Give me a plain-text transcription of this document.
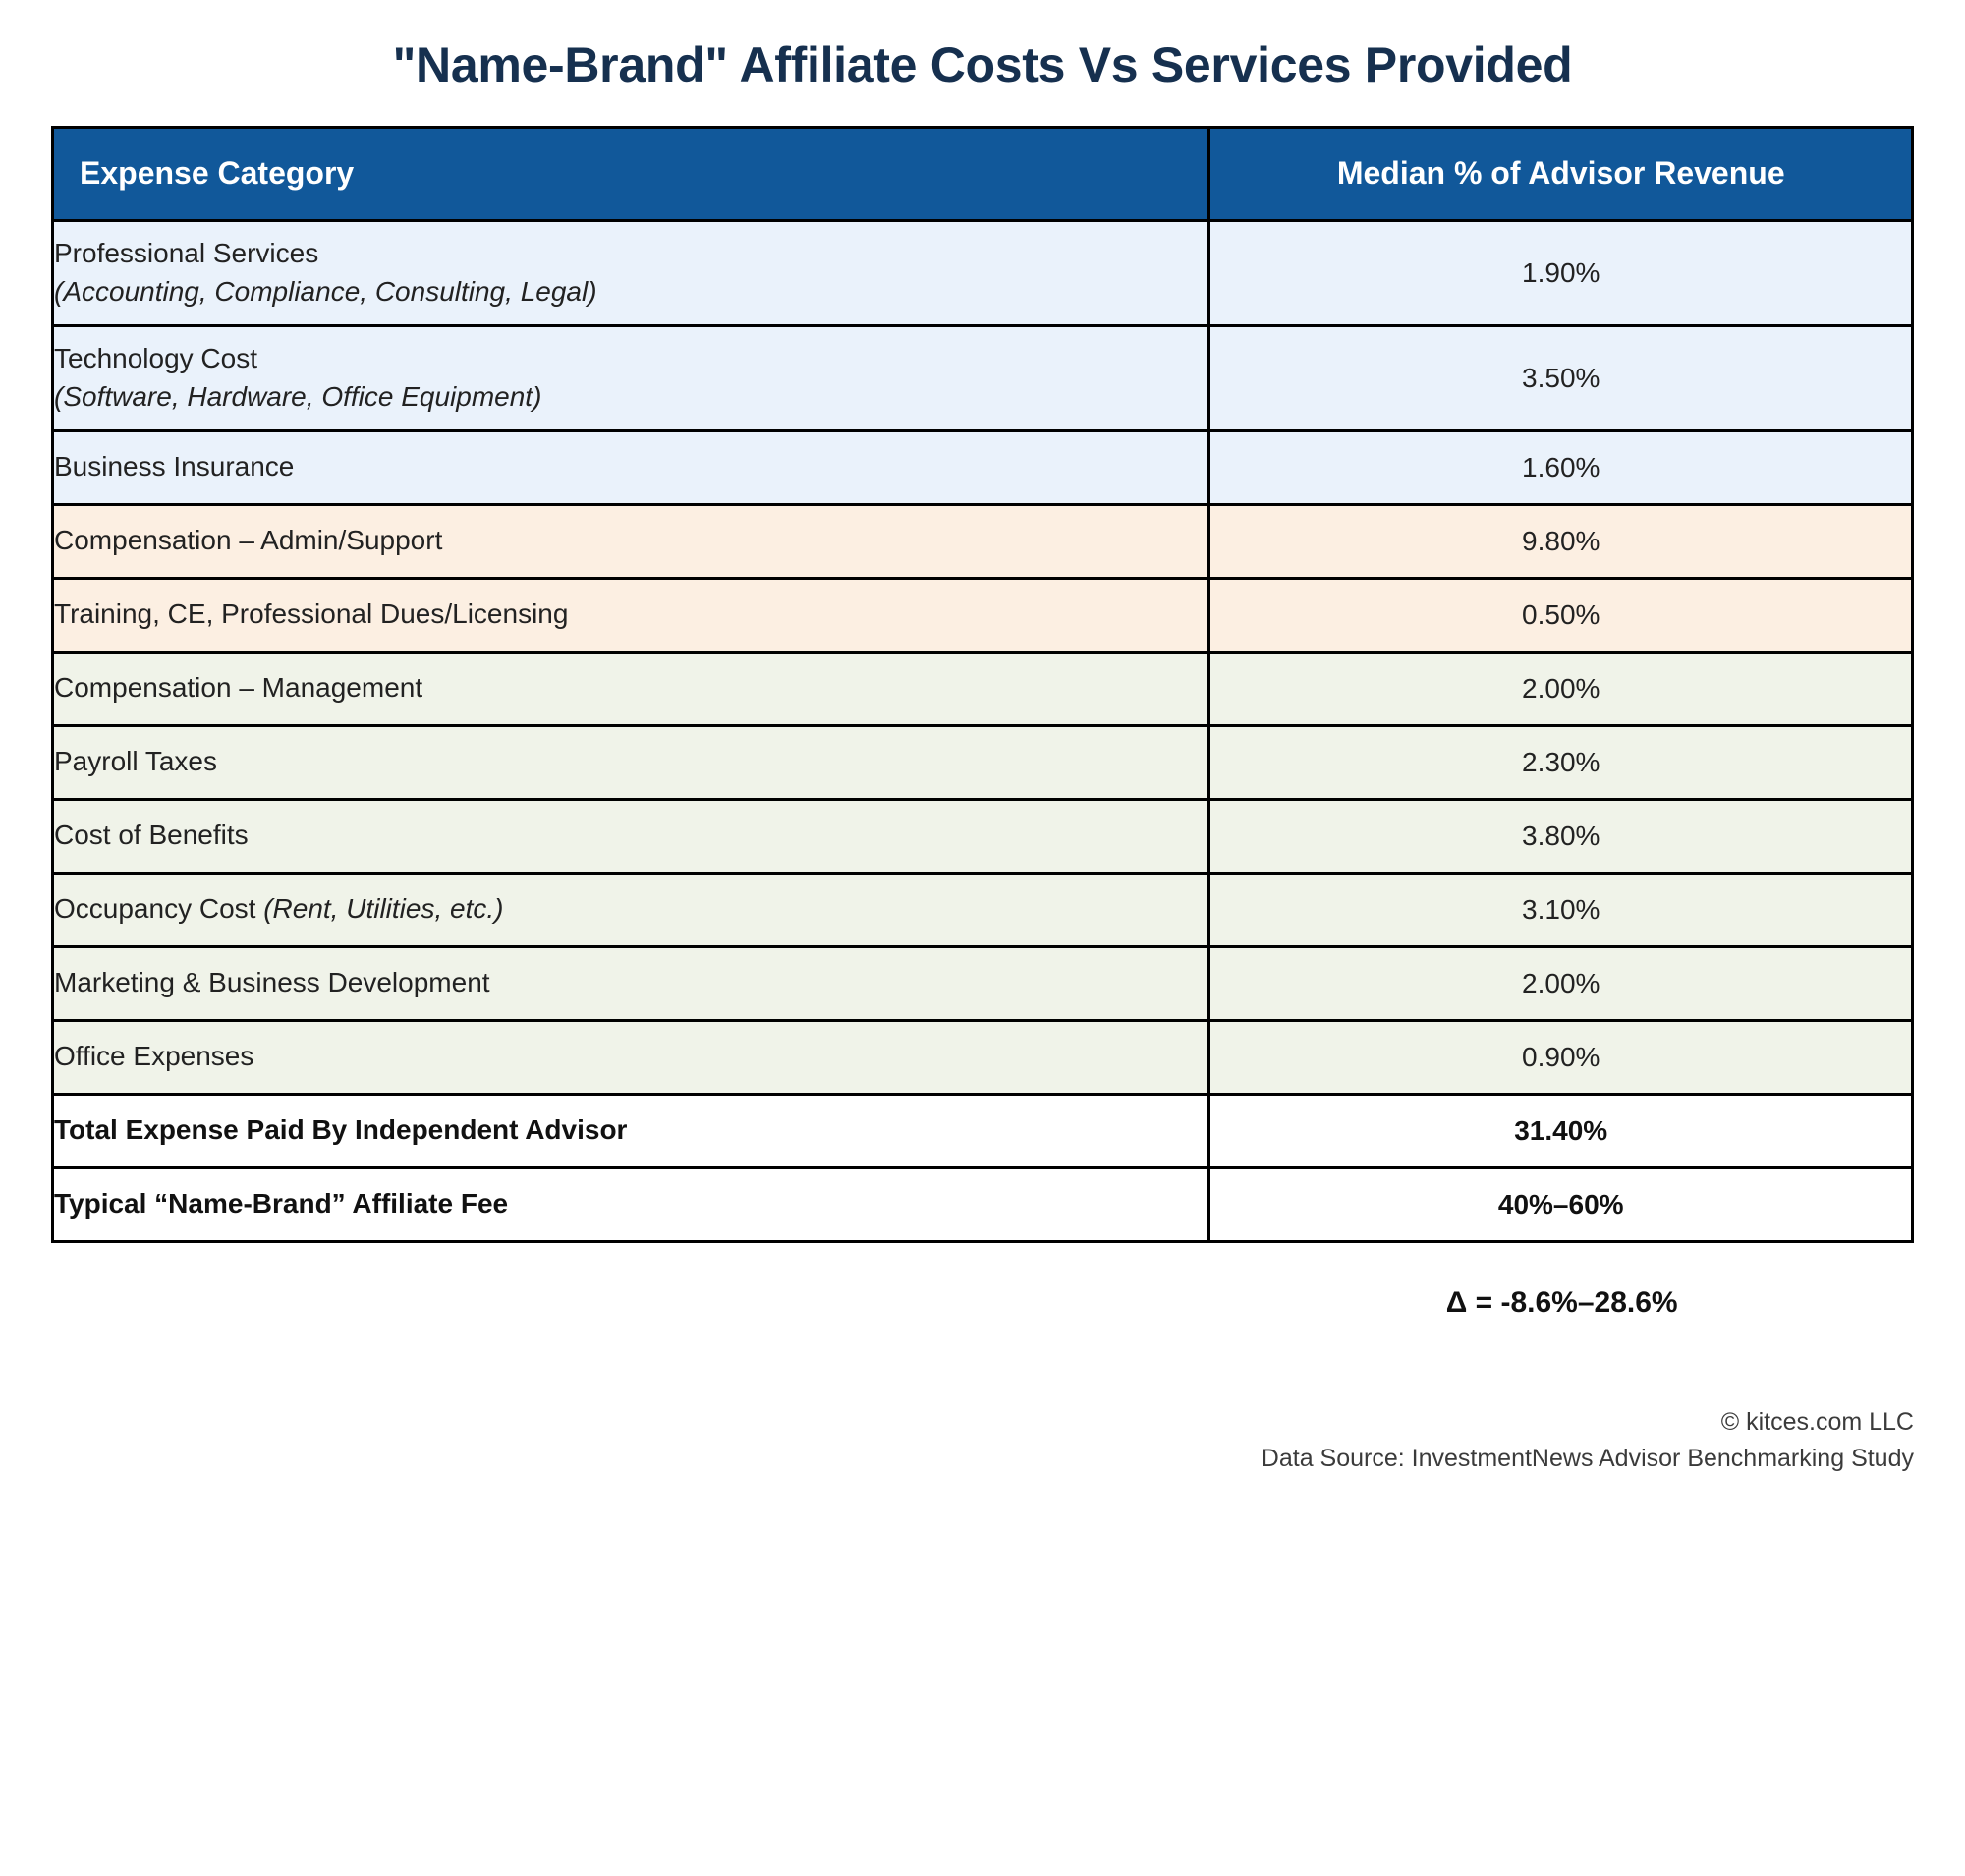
"Name-Brand" Affiliate Costs Vs Services Provided
Expense Category	Median % of Advisor Revenue

Professional Services
(Accounting, Compliance, Consulting, Legal)	1.90%
Technology Cost
(Software, Hardware, Office Equipment)	3.50%
Business Insurance	1.60%
Compensation – Admin/Support	9.80%
Training, CE, Professional Dues/Licensing	0.50%
Compensation – Management	2.00%
Payroll Taxes	2.30%
Cost of Benefits	3.80%
Occupancy Cost (Rent, Utilities, etc.)	3.10%
Marketing & Business Development	2.00%
Office Expenses	0.90%
Total Expense Paid By Independent Advisor	31.40%
Typical “Name-Brand” Affiliate Fee	40%–60%
Δ = -8.6%–28.6%
© kitces.com LLC
Data Source: InvestmentNews Advisor Benchmarking Study
